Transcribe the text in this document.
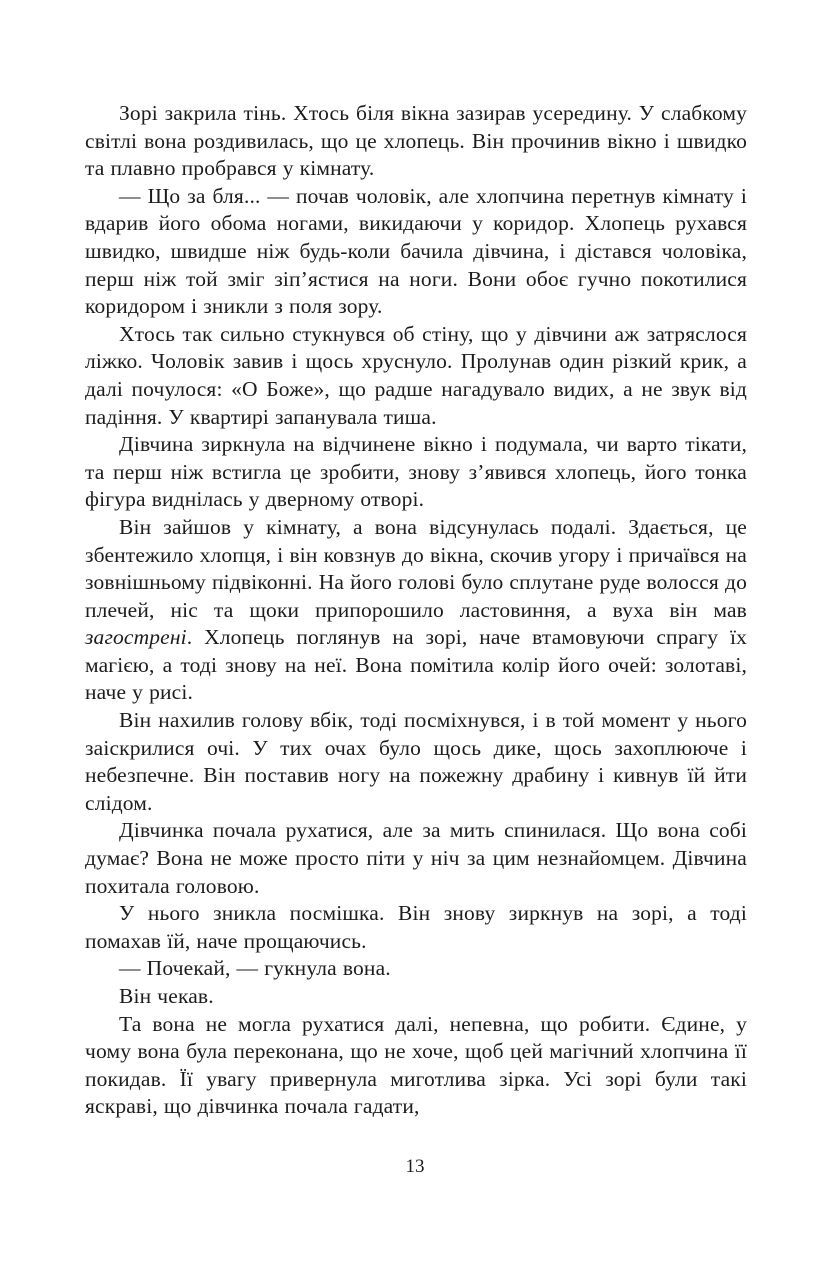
Зорі закрила тінь. Хтось біля вікна зазирав усередину. У слабкому світлі вона роздивилась, що це хлопець. Він прочинив вікно і швидко та плавно пробрався у кімнату.

— Що за бля... — почав чоловік, але хлопчина перетнув кімнату і вдарив його обома ногами, викидаючи у коридор. Хлопець рухався швидко, швидше ніж будь-коли бачила дівчина, і дістався чоловіка, перш ніж той зміг зіп’ястися на ноги. Вони обоє гучно покотилися коридором і зникли з поля зору.

Хтось так сильно стукнувся об стіну, що у дівчини аж затряслося ліжко. Чоловік завив і щось хруснуло. Пролунав один різкий крик, а далі почулося: «О Боже», що радше нагадувало видих, а не звук від падіння. У квартирі запанувала тиша.

Дівчина зиркнула на відчинене вікно і подумала, чи варто тікати, та перш ніж встигла це зробити, знову з’явився хлопець, його тонка фігура виднілась у дверному отворі.

Він зайшов у кімнату, а вона відсунулась подалі. Здається, це збентежило хлопця, і він ковзнув до вікна, скочив угору і причаївся на зовнішньому підвіконні. На його голові було сплутане руде волосся до плечей, ніс та щоки припорошило ластовиння, а вуха він мав загострені. Хлопець поглянув на зорі, наче втамовуючи спрагу їх магією, а тоді знову на неї. Вона помітила колір його очей: золотаві, наче у рисі.

Він нахилив голову вбік, тоді посміхнувся, і в той момент у нього заіскрилися очі. У тих очах було щось дике, щось захоплююче і небезпечне. Він поставив ногу на пожежну драбину і кивнув їй йти слідом.

Дівчинка почала рухатися, але за мить спинилася. Що вона собі думає? Вона не може просто піти у ніч за цим незнайомцем. Дівчина похитала головою.

У нього зникла посмішка. Він знову зиркнув на зорі, а тоді помахав їй, наче прощаючись.

— Почекай, — гукнула вона.

Він чекав.

Та вона не могла рухатися далі, непевна, що робити. Єдине, у чому вона була переконана, що не хоче, щоб цей магічний хлопчина її покидав. Її увагу привернула миготлива зірка. Усі зорі були такі яскраві, що дівчинка почала гадати,

13
